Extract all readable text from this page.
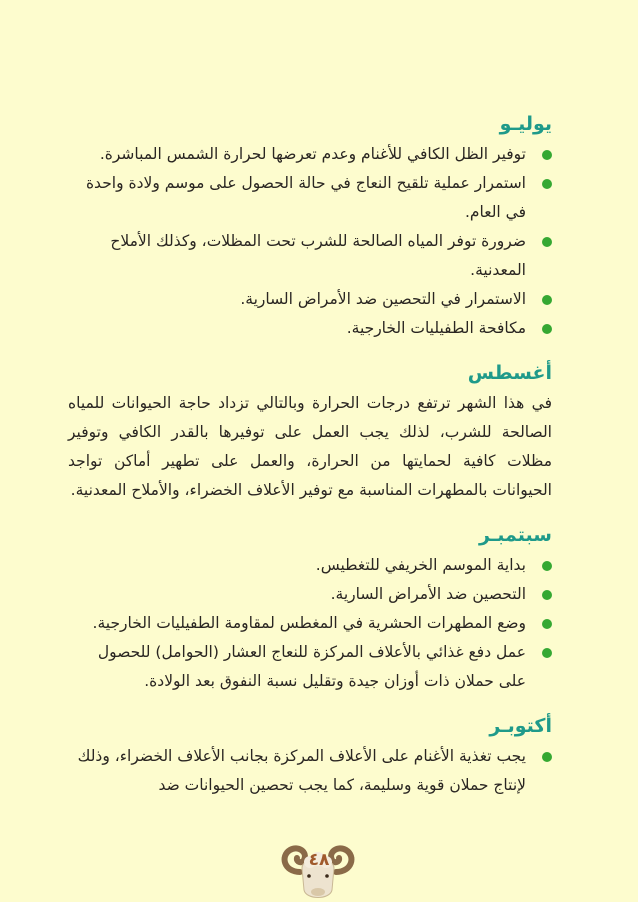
يوليـو
توفير الظل الكافي للأغنام وعدم تعرضها لحرارة الشمس المباشرة.
استمرار عملية تلقيح النعاج في حالة الحصول على موسم ولادة واحدة في العام.
ضرورة توفر المياه الصالحة للشرب تحت المظلات، وكذلك الأملاح المعدنية.
الاستمرار في التحصين ضد الأمراض السارية.
مكافحة الطفيليات الخارجية.
أغسطس

في هذا الشهر ترتفع درجات الحرارة وبالتالي تزداد حاجة الحيوانات للمياه الصالحة للشرب، لذلك يجب العمل على توفيرها بالقدر الكافي وتوفير مظلات كافية لحمايتها من الحرارة، والعمل على تطهير أماكن تواجد الحيوانات بالمطهرات المناسبة مع توفير الأعلاف الخضراء، والأملاح المعدنية.

سبتمبـر
بداية الموسم الخريفي للتغطيس.
التحصين ضد الأمراض السارية.
وضع المطهرات الحشرية في المغطس لمقاومة الطفيليات الخارجية.
عمل دفع غذائي بالأعلاف المركزة للنعاج العشار (الحوامل) للحصول على حملان ذات أوزان جيدة وتقليل نسبة النفوق بعد الولادة.
أكتوبـر
يجب تغذية الأغنام على الأعلاف المركزة بجانب الأعلاف الخضراء، وذلك لإنتاج حملان قوية وسليمة، كما يجب تحصين الحيوانات ضد
٤٨
